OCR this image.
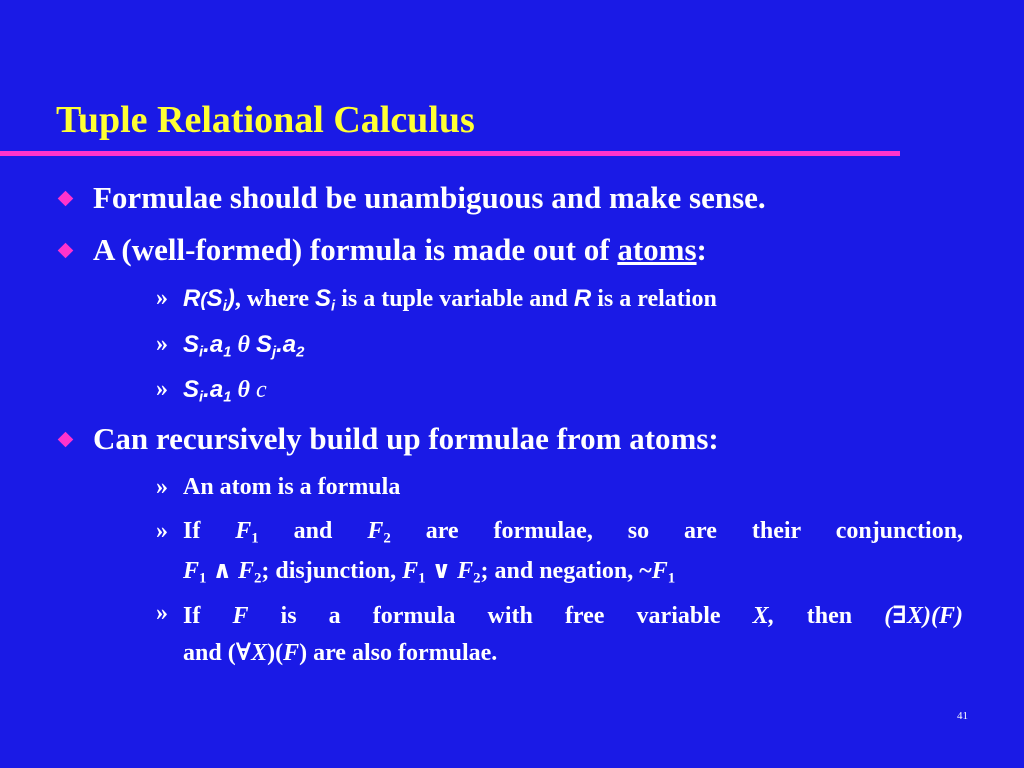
Tuple Relational Calculus
Formulae should be unambiguous and make sense.
A (well-formed) formula is made out of atoms:
» $R(S_i)$, where $S_i$ is a tuple variable and R is a relation
» $S_i.a_1$ θ $S_j.a_2$
» $S_i.a_1$ θ c
Can recursively build up formulae from atoms:
» An atom is a formula
» If $F_1$ and $F_2$ are formulae, so are their conjunction,
$F_1$ ∧ $F_2$; disjunction, $F_1$ ∨ $F_2$; and negation, $\sim F_1$
» If F is a formula with free variable X, then (∃X)(F)
and (∀X)(F) are also formulae.
41
